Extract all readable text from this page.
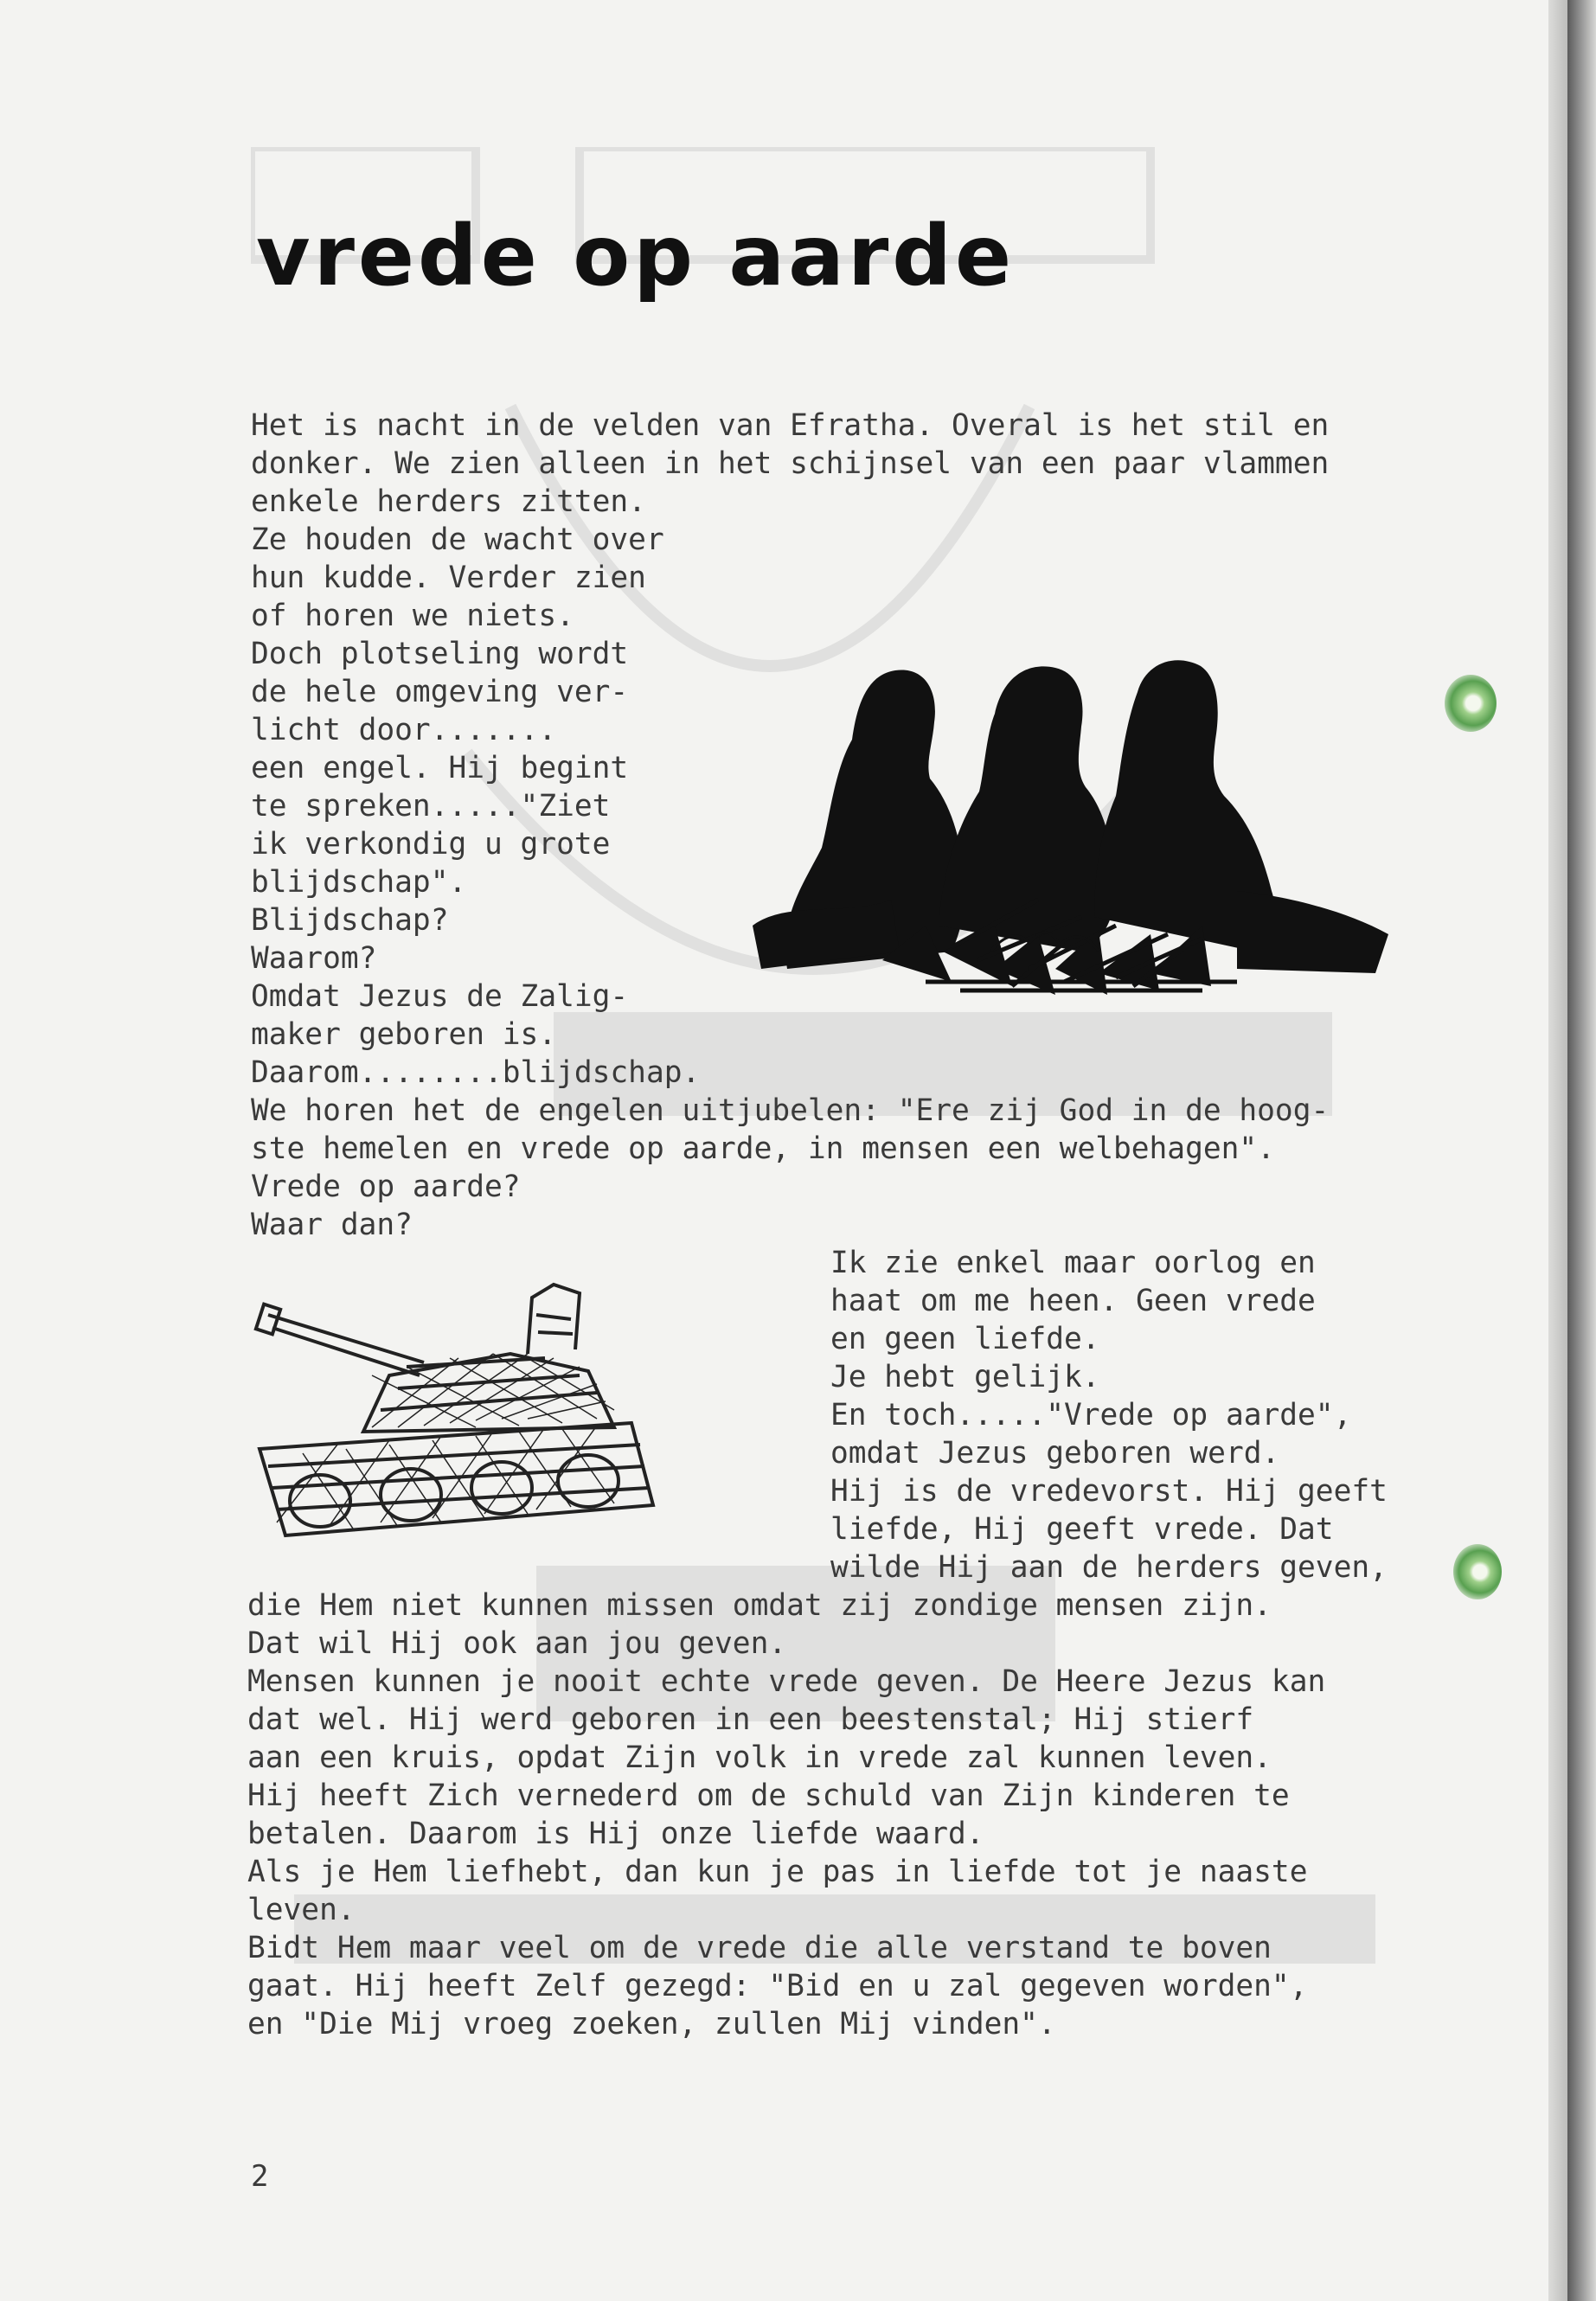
vrede op aarde

Het is nacht in de velden van Efratha. Overal is het stil en

donker. We zien alleen in het schijnsel van een paar vlammen

enkele herders zitten.

Ze houden de wacht over

hun kudde. Verder zien

of horen we niets.

Doch plotseling wordt

de hele omgeving ver-

licht door.......

een engel. Hij begint

te spreken....."Ziet

ik verkondig u grote

blijdschap".

Blijdschap?

Waarom?

Omdat Jezus de Zalig-

maker geboren is.

Daarom........blijdschap.

We horen het de engelen uitjubelen: "Ere zij God in de hoog-

ste hemelen en vrede op aarde, in mensen een welbehagen".

Vrede op aarde?

Waar dan?

Ik zie enkel maar oorlog en

haat om me heen. Geen vrede

en geen liefde.

Je hebt gelijk.

En toch....."Vrede op aarde",

omdat Jezus geboren werd.

Hij is de vredevorst. Hij geeft

liefde, Hij geeft vrede. Dat

wilde Hij aan de herders geven,

die Hem niet kunnen missen omdat zij zondige mensen zijn.

Dat wil Hij ook aan jou geven.

Mensen kunnen je nooit echte vrede geven. De Heere Jezus kan

dat wel. Hij werd geboren in een beestenstal; Hij stierf

aan een kruis, opdat Zijn volk in vrede zal kunnen leven.

Hij heeft Zich vernederd om de schuld van Zijn kinderen te

betalen. Daarom is Hij onze liefde waard.

Als je Hem liefhebt, dan kun je pas in liefde tot je naaste

leven.

Bidt Hem maar veel om de vrede die alle verstand te boven

gaat. Hij heeft Zelf gezegd: "Bid en u zal gegeven worden",

en "Die Mij vroeg zoeken, zullen Mij vinden".

2
